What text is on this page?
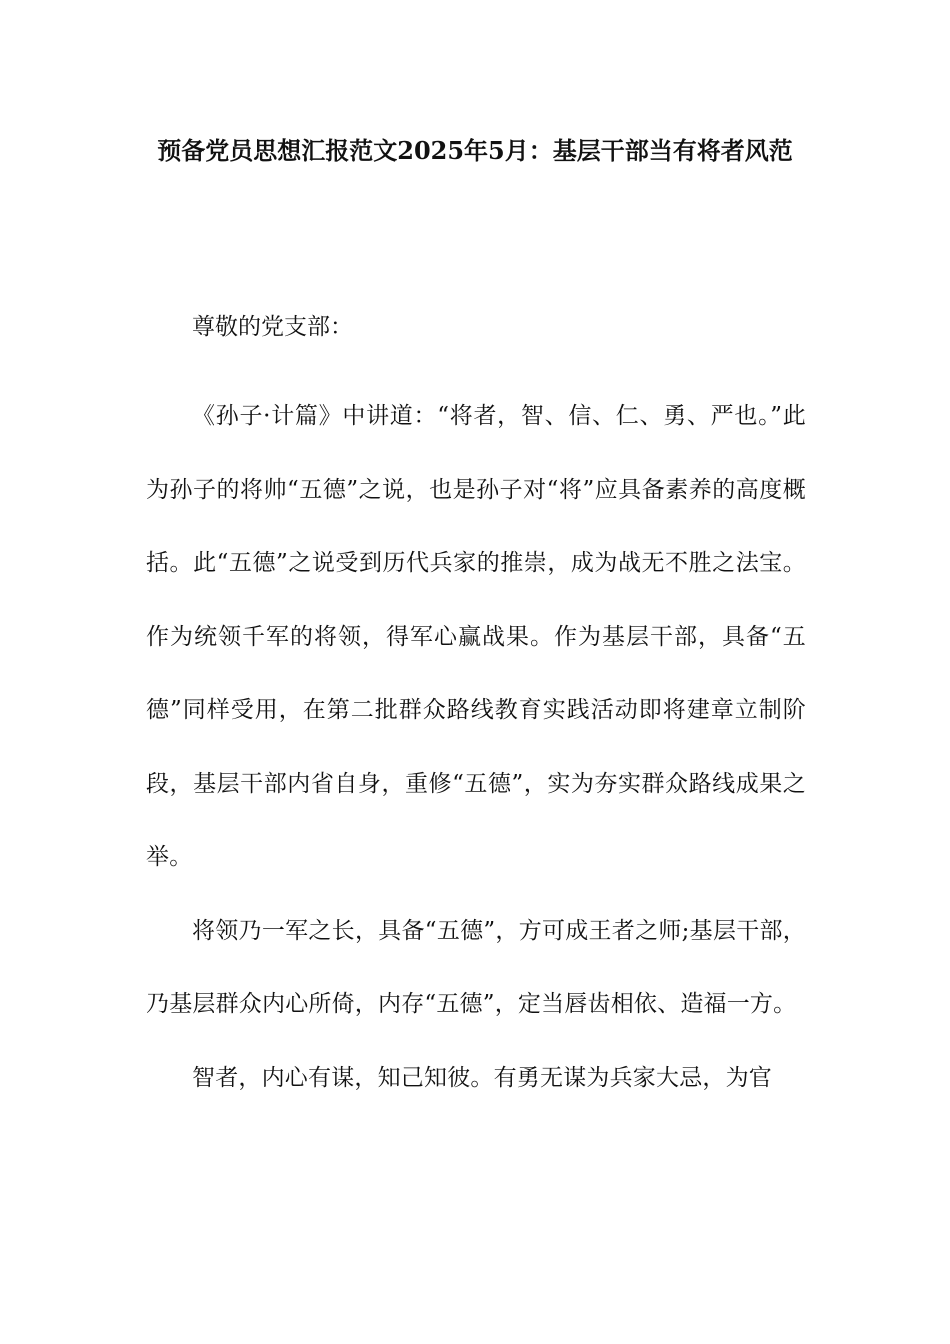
预备党员思想汇报范文2025年5月：基层干部当有将者风范

尊敬的党支部：

《孙子·计篇》中讲道：“将者，智、信、仁、勇、严也。”此为孙子的将帅“五德”之说，也是孙子对“将”应具备素养的高度概括。此“五德”之说受到历代兵家的推崇，成为战无不胜之法宝。作为统领千军的将领，得军心赢战果。作为基层干部，具备“五德”同样受用，在第二批群众路线教育实践活动即将建章立制阶段，基层干部内省自身，重修“五德”，实为夯实群众路线成果之举。

将领乃一军之长，具备“五德”，方可成王者之师;基层干部，乃基层群众内心所倚，内存“五德”，定当唇齿相依、造福一方。

智者，内心有谋，知己知彼。有勇无谋为兵家大忌，为官
